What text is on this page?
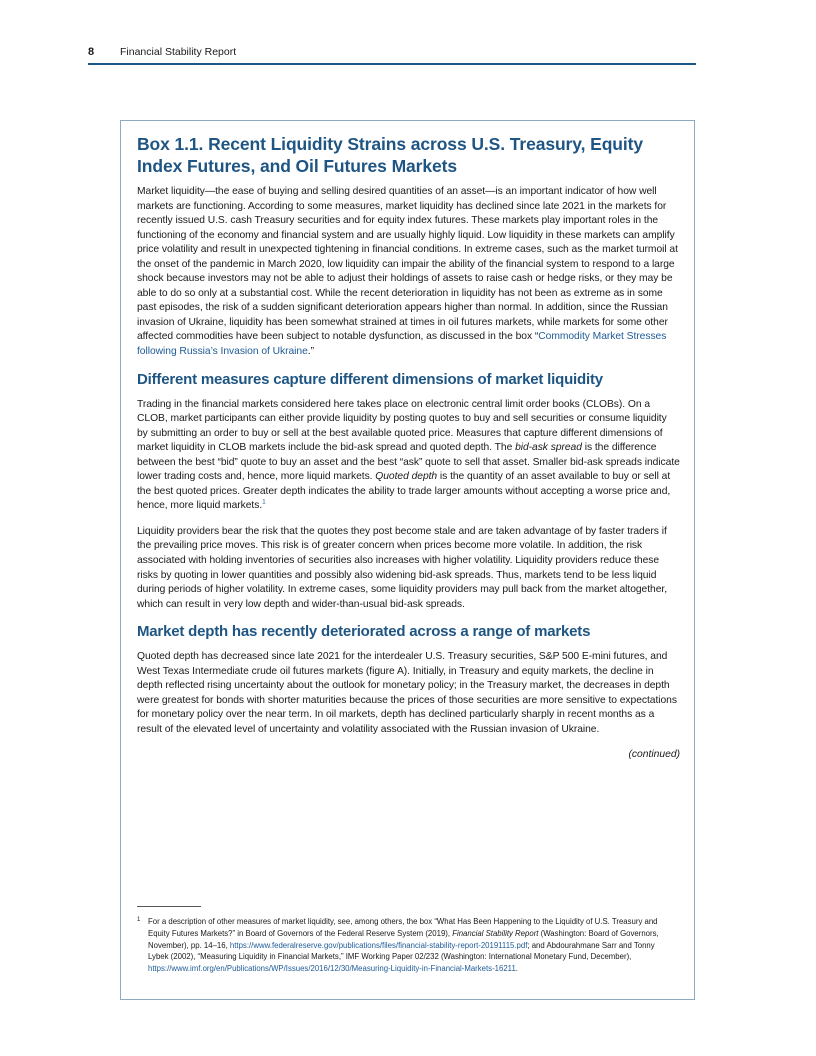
8 Financial Stability Report
Box 1.1. Recent Liquidity Strains across U.S. Treasury, Equity Index Futures, and Oil Futures Markets

Market liquidity—the ease of buying and selling desired quantities of an asset—is an important indicator of how well markets are functioning. According to some measures, market liquidity has declined since late 2021 in the markets for recently issued U.S. cash Treasury securities and for equity index futures. These markets play important roles in the functioning of the economy and financial system and are usually highly liquid. Low liquidity in these markets can amplify price volatility and result in unexpected tightening in financial conditions. In extreme cases, such as the market turmoil at the onset of the pandemic in March 2020, low liquidity can impair the ability of the financial system to respond to a large shock because investors may not be able to adjust their holdings of assets to raise cash or hedge risks, or they may be able to do so only at a substantial cost. While the recent deterioration in liquidity has not been as extreme as in some past episodes, the risk of a sudden significant deterioration appears higher than normal. In addition, since the Russian invasion of Ukraine, liquidity has been somewhat strained at times in oil futures markets, while markets for some other affected commodities have been subject to notable dysfunction, as discussed in the box “Commodity Market Stresses following Russia’s Invasion of Ukraine.”

Different measures capture different dimensions of market liquidity

Trading in the financial markets considered here takes place on electronic central limit order books (CLOBs). On a CLOB, market participants can either provide liquidity by posting quotes to buy and sell securities or consume liquidity by submitting an order to buy or sell at the best available quoted price. Measures that capture different dimensions of market liquidity in CLOB markets include the bid-ask spread and quoted depth. The bid-ask spread is the difference between the best “bid” quote to buy an asset and the best “ask” quote to sell that asset. Smaller bid-ask spreads indicate lower trading costs and, hence, more liquid markets. Quoted depth is the quantity of an asset available to buy or sell at the best quoted prices. Greater depth indicates the ability to trade larger amounts without accepting a worse price and, hence, more liquid markets.$^1$

Liquidity providers bear the risk that the quotes they post become stale and are taken advantage of by faster traders if the prevailing price moves. This risk is of greater concern when prices become more volatile. In addition, the risk associated with holding inventories of securities also increases with higher volatility. Liquidity providers reduce these risks by quoting in lower quantities and possibly also widening bid-ask spreads. Thus, markets tend to be less liquid during periods of higher volatility. In extreme cases, some liquidity providers may pull back from the market altogether, which can result in very low depth and wider-than-usual bid-ask spreads.

Market depth has recently deteriorated across a range of markets

Quoted depth has decreased since late 2021 for the interdealer U.S. Treasury securities, S&P 500 E-mini futures, and West Texas Intermediate crude oil futures markets (figure A). Initially, in Treasury and equity markets, the decline in depth reflected rising uncertainty about the outlook for monetary policy; in the Treasury market, the decreases in depth were greatest for bonds with shorter maturities because the prices of those securities are more sensitive to expectations for monetary policy over the near term. In oil markets, depth has declined particularly sharply in recent months as a result of the elevated level of uncertainty and volatility associated with the Russian invasion of Ukraine.

(continued)
1 For a description of other measures of market liquidity, see, among others, the box “What Has Been Happening to the Liquidity of U.S. Treasury and Equity Futures Markets?” in Board of Governors of the Federal Reserve System (2019), Financial Stability Report (Washington: Board of Governors, November), pp. 14–16, https://www.federalreserve.gov/publications/files/financial-stability-report-20191115.pdf; and Abdourahmane Sarr and Tonny Lybek (2002), “Measuring Liquidity in Financial Markets,” IMF Working Paper 02/232 (Washington: International Monetary Fund, December), https://www.imf.org/en/Publications/WP/Issues/2016/12/30/Measuring-Liquidity-in-Financial-Markets-16211.
